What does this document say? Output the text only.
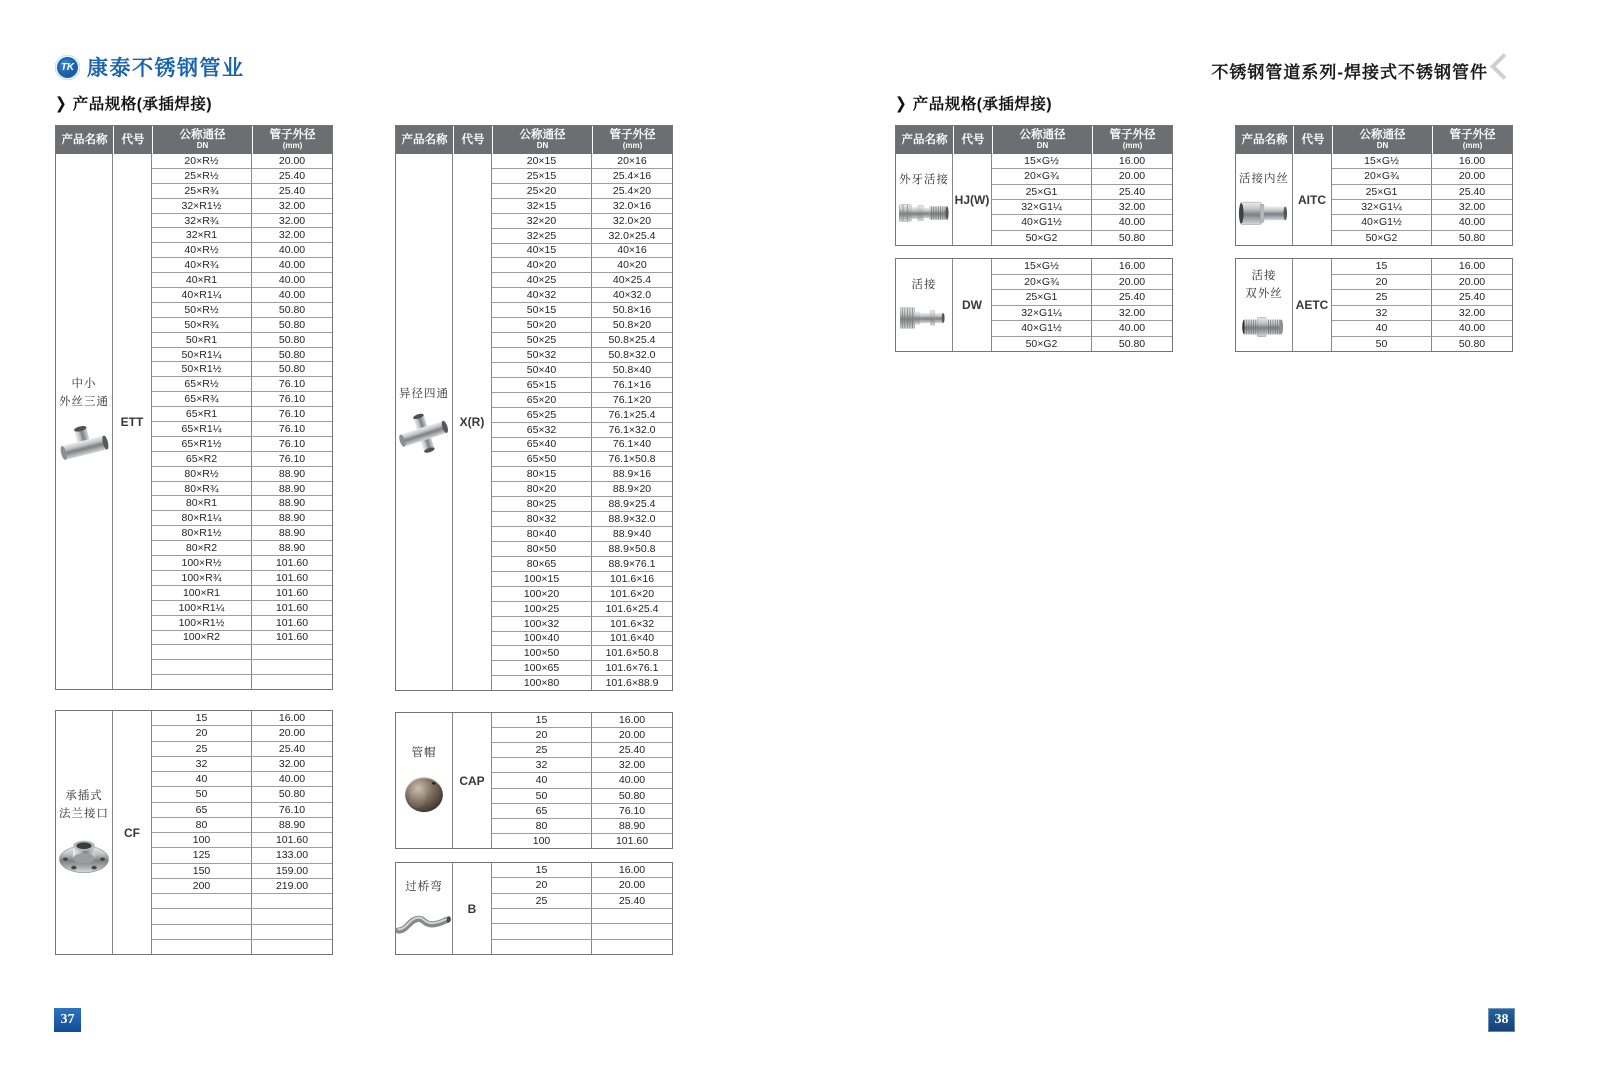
TK 康泰不锈钢管业	不锈钢管道系列-焊接式不锈钢管件
❯ 产品规格(承插焊接)	❯ 产品规格(承插焊接)
产品名称	代号	公称通径
DN
管子外径
(mm)
中小
外丝三通
ETT
20×R½	20.00
25×R½	25.40
25×R¾	25.40
32×R1½	32.00
32×R¾	32.00
32×R1	32.00
40×R½	40.00
40×R¾	40.00
40×R1	40.00
40×R1¼	40.00
50×R½	50.80
50×R¾	50.80
50×R1	50.80
50×R1¼	50.80
50×R1½	50.80
65×R½	76.10
65×R¾	76.10
65×R1	76.10
65×R1¼	76.10
65×R1½	76.10
65×R2	76.10
80×R½	88.90
80×R¾	88.90
80×R1	88.90
80×R1¼	88.90
80×R1½	88.90
80×R2	88.90
100×R½	101.60
100×R¾	101.60
100×R1	101.60
100×R1¼	101.60
100×R1½	101.60
100×R2	101.60
承插式
法兰接口
CF
15	16.00
20	20.00
25	25.40
32	32.00
40	40.00
50	50.80
65	76.10
80	88.90
100	101.60
125	133.00
150	159.00
200	219.00
产品名称	代号	公称通径
DN
管子外径
(mm)
异径四通
X(R)
20×15	20×16
25×15	25.4×16
25×20	25.4×20
32×15	32.0×16
32×20	32.0×20
32×25	32.0×25.4
40×15	40×16
40×20	40×20
40×25	40×25.4
40×32	40×32.0
50×15	50.8×16
50×20	50.8×20
50×25	50.8×25.4
50×32	50.8×32.0
50×40	50.8×40
65×15	76.1×16
65×20	76.1×20
65×25	76.1×25.4
65×32	76.1×32.0
65×40	76.1×40
65×50	76.1×50.8
80×15	88.9×16
80×20	88.9×20
80×25	88.9×25.4
80×32	88.9×32.0
80×40	88.9×40
80×50	88.9×50.8
80×65	88.9×76.1
100×15	101.6×16
100×20	101.6×20
100×25	101.6×25.4
100×32	101.6×32
100×40	101.6×40
100×50	101.6×50.8
100×65	101.6×76.1
100×80	101.6×88.9
管帽
CAP
15	16.00
20	20.00
25	25.40
32	32.00
40	40.00
50	50.80
65	76.10
80	88.90
100	101.60
过桥弯
B
15	16.00
20	20.00
25	25.40
产品名称	代号	公称通径
DN
管子外径
(mm)
外牙活接
HJ(W)
15×G½	16.00
20×G¾	20.00
25×G1	25.40
32×G1¼	32.00
40×G1½	40.00
50×G2	50.80
产品名称	代号	公称通径
DN
管子外径
(mm)
活接内丝
AITC
15×G½	16.00
20×G¾	20.00
25×G1	25.40
32×G1¼	32.00
40×G1½	40.00
50×G2	50.80
活接
DW
15×G½	16.00
20×G¾	20.00
25×G1	25.40
32×G1¼	32.00
40×G1½	40.00
50×G2	50.80
活接
双外丝
AETC
15	16.00
20	20.00
25	25.40
32	32.00
40	40.00
50	50.80
37	38
